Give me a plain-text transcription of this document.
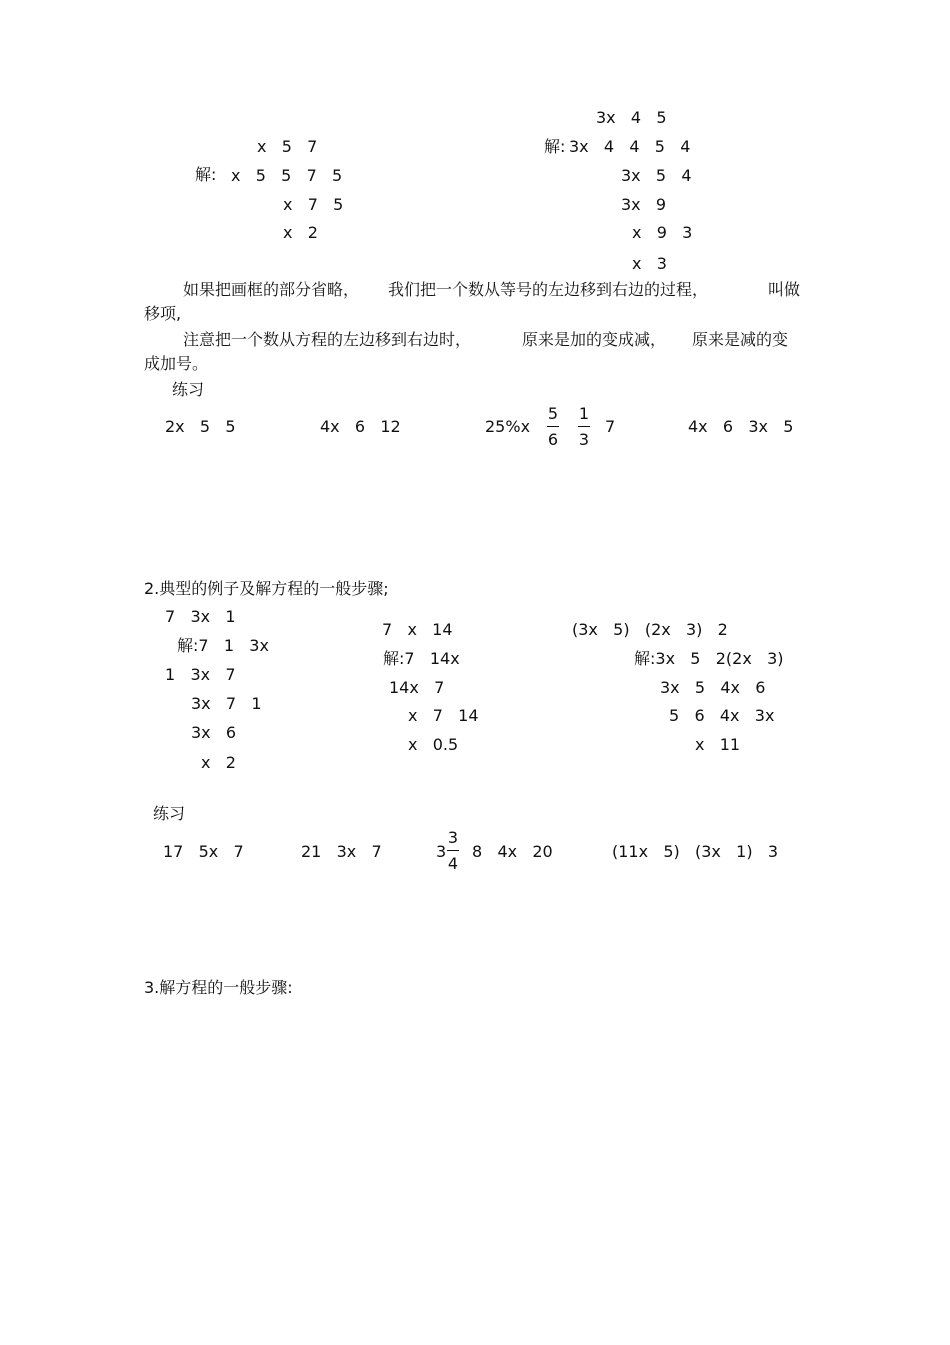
x   5   7
解: x   5   5   7   5
x   7   5
x   2
3x   4   5
解: 3x   4   4   5   4
3x   5   4
3x   9
x   9   3
x   3
如果把画框的部分省略， 我们把一个数从等号的左边移到右边的过程，	叫做
移项,
注意把一个数从方程的左边移到右边时，	原来是加的变成减， 原来是减的变
成加号。
练习
2x   5   5	4x   6   12	25%x
5
6
1
3
7	4x   6   3x   5
2.典型的例子及解方程的一般步骤;
7   3x   1
解:7   1   3x
1   3x   7
3x   7   1
3x   6
x   2
7   x   14
解:7   14x
14x   7
x   7   14
x   0.5
(3x   5)   (2x   3)   2
解:3x   5   2(2x   3)
3x   5   4x   6
5   6   4x   3x
x   11
练习
17   5x   7	21   3x   7	3
3
4
8   4x   20	(11x   5)   (3x   1)   3
3.解方程的一般步骤:
